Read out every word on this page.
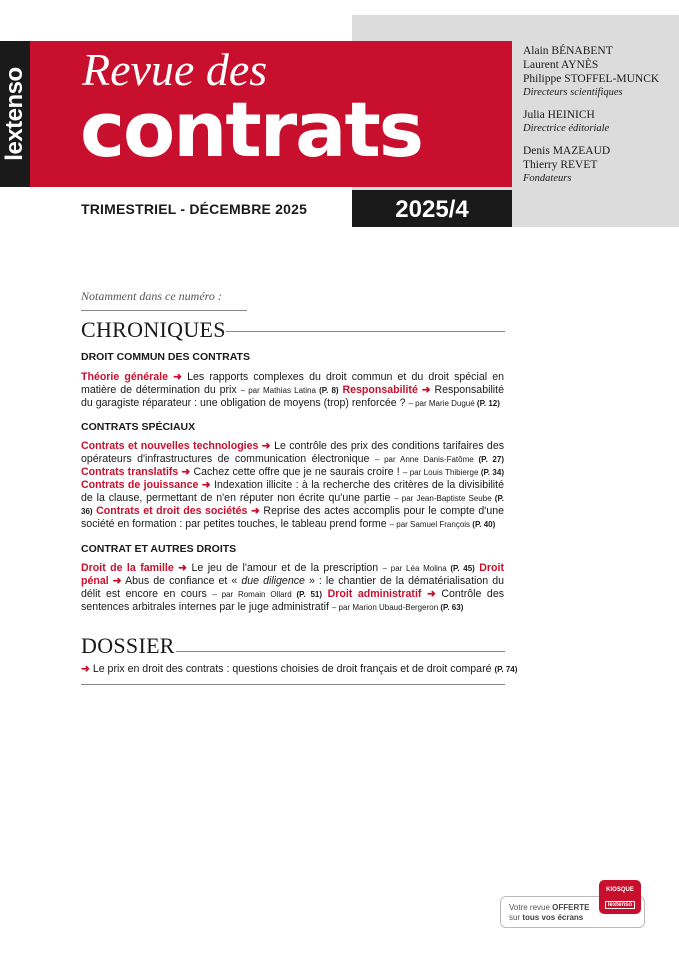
lextenso Revue des
contrats
TRIMESTRIEL - DÉCEMBRE 2025	2025/4
Alain BÉNABENT
Laurent AYNÈS
Philippe STOFFEL-MUNCK
Directeurs scientifiques
Julia HEINICH
Directrice éditoriale
Denis MAZEAUD
Thierry REVET
Fondateurs
Notamment dans ce numéro :
CHRONIQUES
DROIT COMMUN DES CONTRATS
Théorie générale ➜ Les rapports complexes du droit commun et du droit spécial en matière de détermination du prix – par Mathias Latina (P. 8) Responsabilité ➜ Responsabilité du garagiste réparateur : une obligation de moyens (trop) renforcée ? – par Marie Dugué (P. 12)
CONTRATS SPÉCIAUX
Contrats et nouvelles technologies ➜ Le contrôle des prix des conditions tarifaires des opérateurs d'infrastructures de communication électronique – par Anne Danis-Fatôme (P. 27) Contrats translatifs ➜ Cachez cette offre que je ne saurais croire ! – par Louis Thibierge (P. 34) Contrats de jouissance ➜ Indexation illicite : à la recherche des critères de la divisibilité de la clause, permettant de n'en réputer non écrite qu'une partie – par Jean-Baptiste Seube (P. 36) Contrats et droit des sociétés ➜ Reprise des actes accomplis pour le compte d'une société en formation : par petites touches, le tableau prend forme – par Samuel François (P. 40)
CONTRAT ET AUTRES DROITS
Droit de la famille ➜ Le jeu de l'amour et de la prescription – par Léa Molina (P. 45) Droit pénal ➜ Abus de confiance et « due diligence » : le chantier de la dématérialisation du délit est encore en cours – par Romain Ollard (P. 51) Droit administratif ➜ Contrôle des sentences arbitrales internes par le juge administratif – par Marion Ubaud-Bergeron (P. 63)
DOSSIER
➜ Le prix en droit des contrats : questions choisies de droit français et de droit comparé (P. 74)
Votre revue OFFERTE
sur tous vos écrans
KIOSQUE
lextenso
